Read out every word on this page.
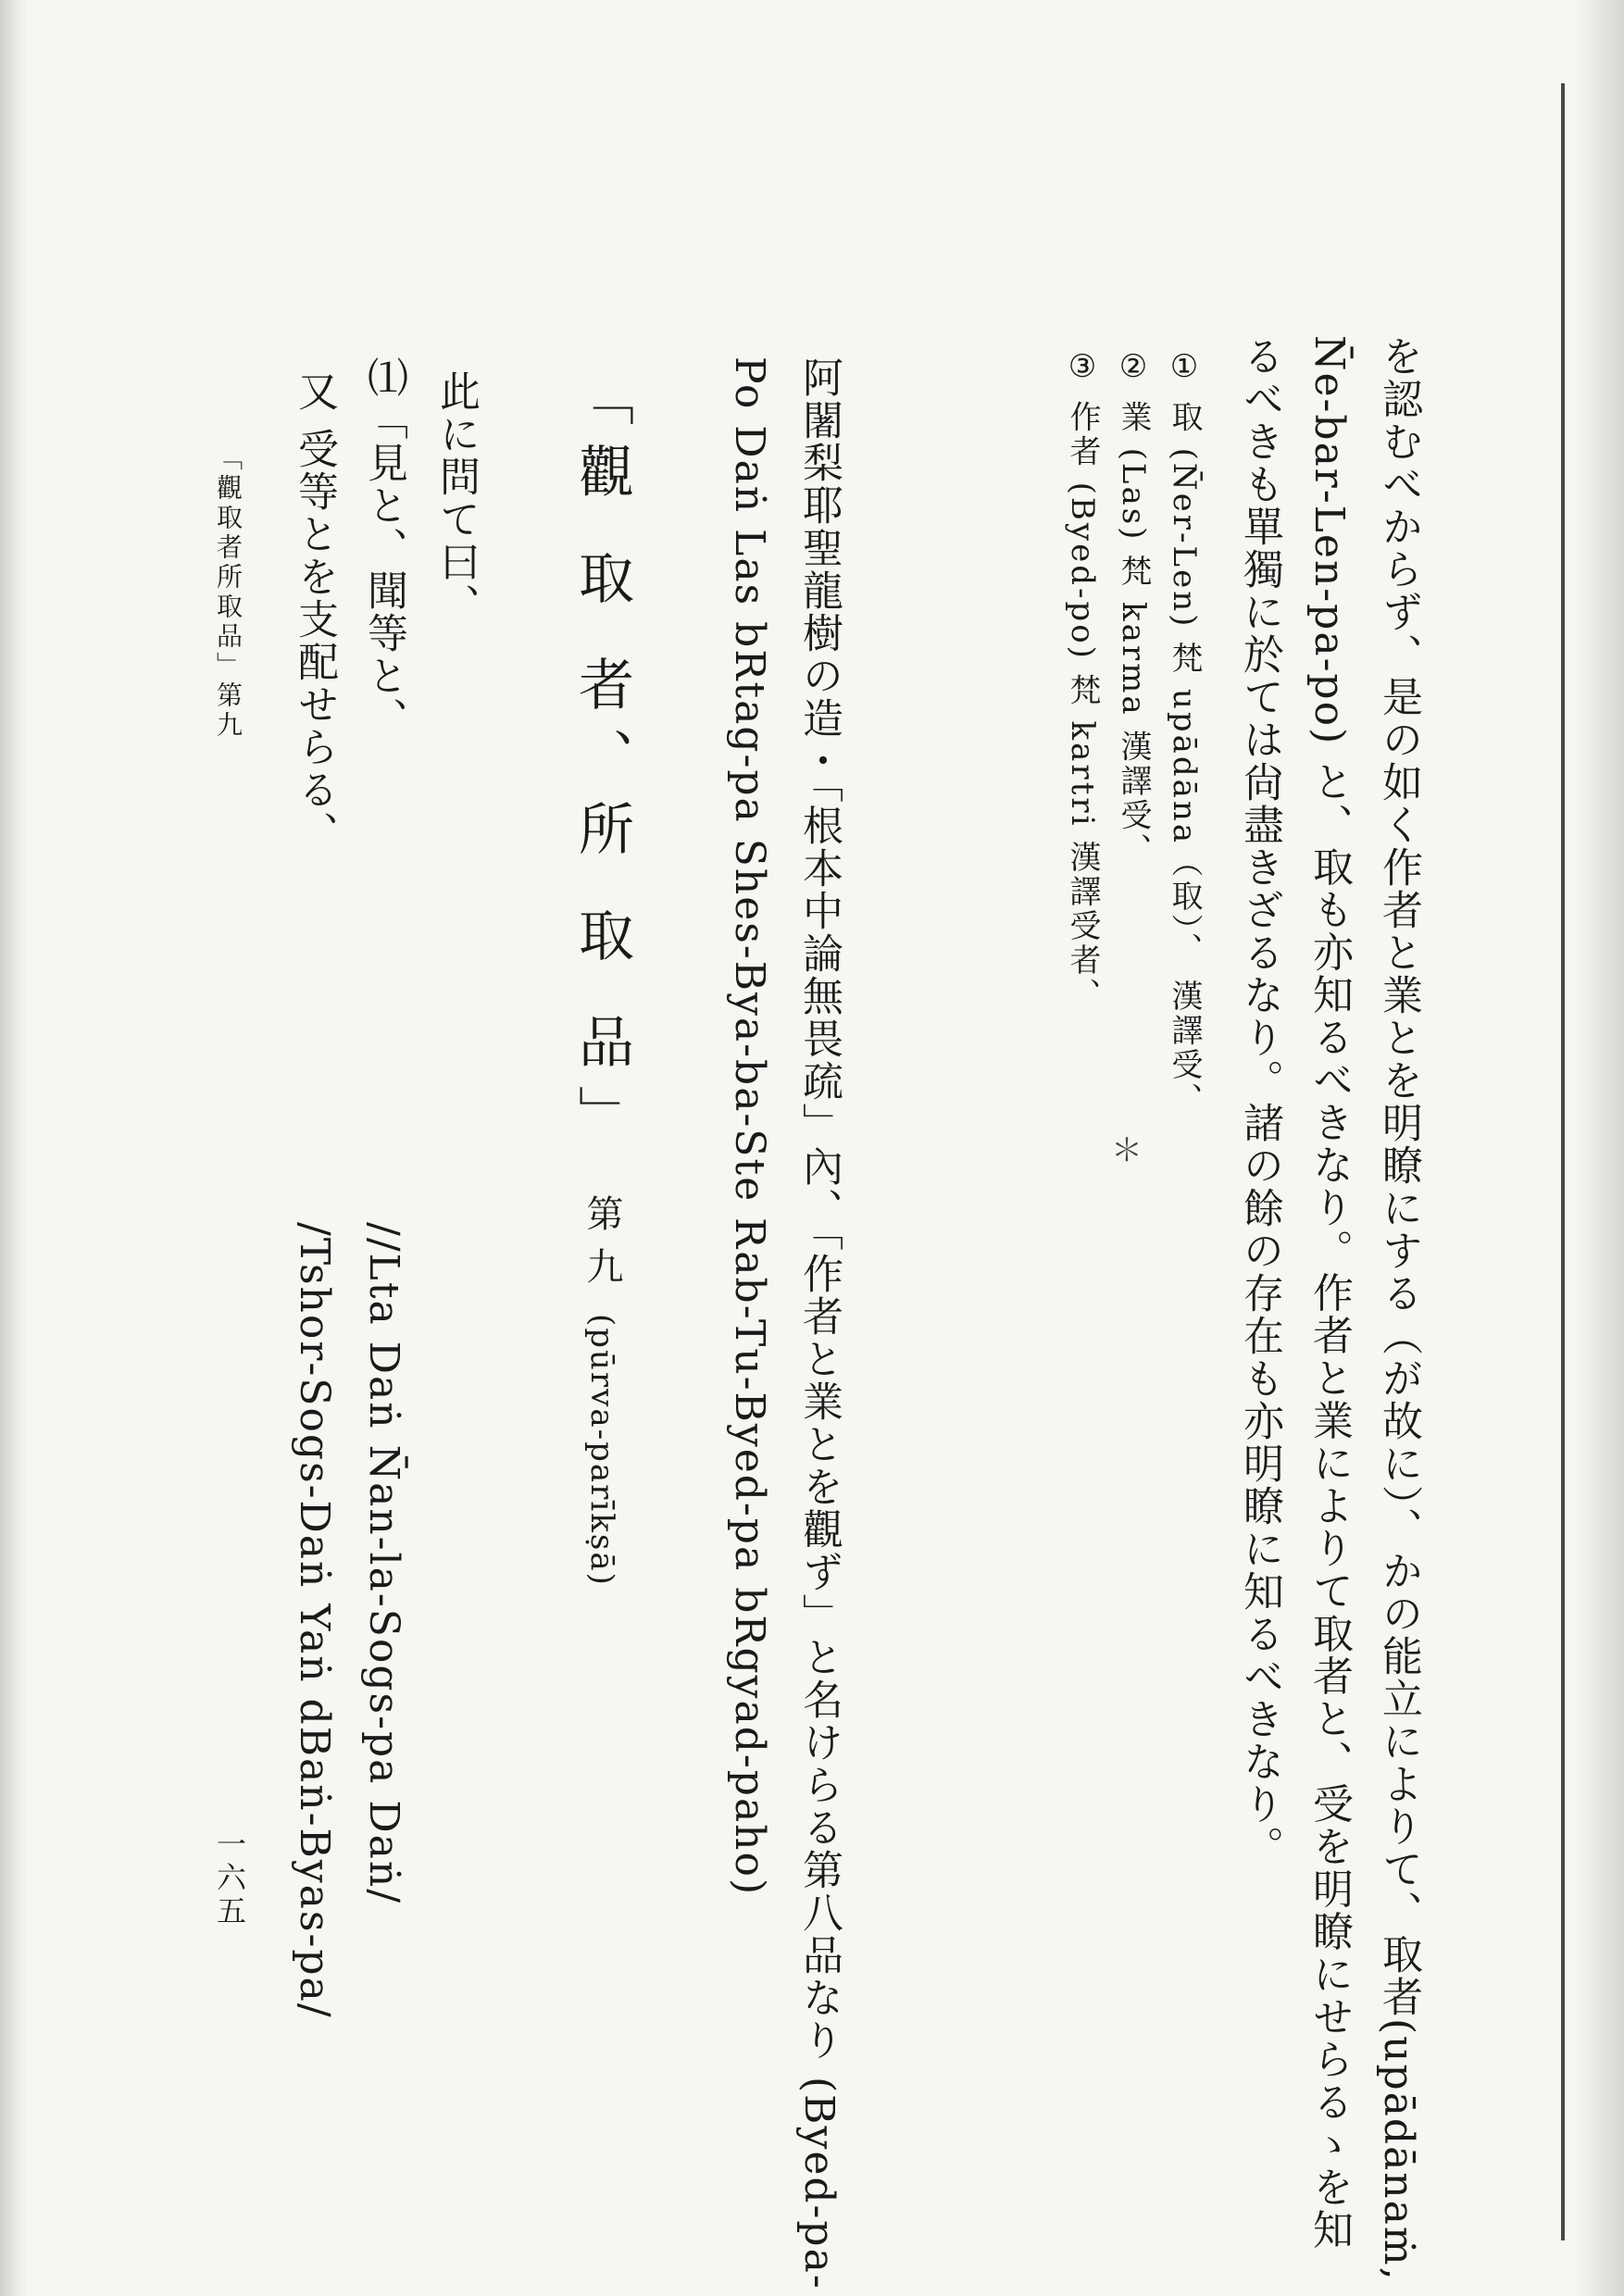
を認むべからず、是の如く作者と業とを明瞭にする（が故に）、かの能立によりて、取者(upādānaṁ,
N̄e-bar-Len-pa-po) と、取も亦知るべきなり。作者と業によりて取者と、受を明瞭にせらるゝを知
るべきも單獨に於ては尙盡きざるなり。諸の餘の存在も亦明瞭に知るべきなり。
① 取 (N̄er-Len) 梵 upādāna（取）、 漢譯受、
② 業 (Las) 梵 karma 漢譯受、
③ 作者 (Byed-po) 梵 kartri 漢譯受者、
＊
阿闍梨耶聖龍樹の造・「根本中論無畏疏」內、「作者と業とを觀ず」と名けらる第八品なり (Byed-pa-
Po Daṅ Las bRtag-pa Shes-Bya-ba-Ste Rab-Tu-Byed-pa bRgyad-paho)
「觀 取 者、所 取 品」第 九(pūrva-parīkṣā)
此に問て曰、
⑴「見と、聞等と、
//Lta Daṅ N̄an-la-Sogs-pa Daṅ/
又 受等とを支配せらる、
/Tshor-Sogs-Daṅ Yaṅ dBaṅ-Byas-pa/
「觀取者所取品」第九
一六五
